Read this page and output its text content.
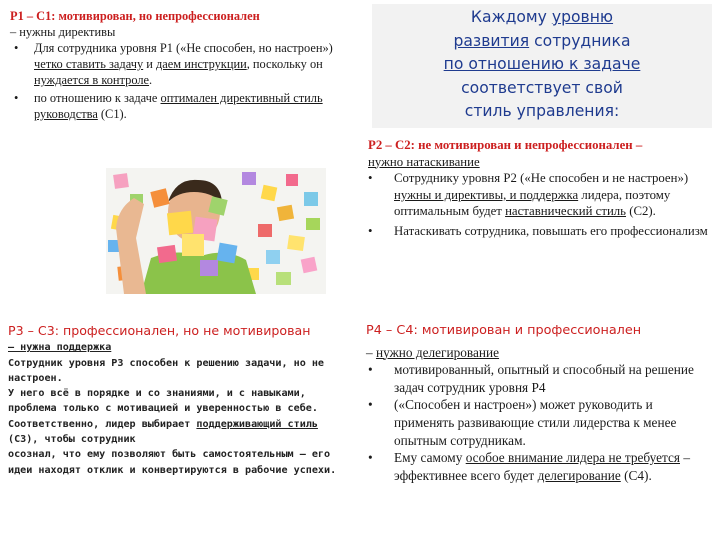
Р1 – С1: мотивирован, но непрофессионален
– нужны директивы
• Для сотрудника уровня Р1 («Не способен, но настроен») четко ставить задачу и даем инструкции, поскольку он нуждается в контроле.
• по отношению к задаче оптимален директивный стиль руководства (С1).
Каждому уровню
развития сотрудника
по отношению к задаче
соответствует свой
стиль управления:
Р2 – С2: не мотивирован и непрофессионален –
нужно натаскивание
• Сотруднику уровня Р2 («Не способен и не настроен») нужны и директивы, и поддержка лидера, поэтому оптимальным будет наставнический стиль (С2).
• Натаскивать сотрудника, повышать его профессионализм
Р3 – С3: профессионален, но не мотивирован
– нужна поддержка
Сотрудник уровня Р3 способен к решению задачи, но не настроен.
У него всё в порядке и со знаниями, и с навыками, проблема только с мотивацией и уверенностью в себе.
Соответственно, лидер выбирает поддерживающий стиль (С3), чтобы сотрудник
осознал, что ему позволяют быть самостоятельным – его идеи находят отклик и конвертируются в рабочие успехи.
Р4 – С4: мотивирован и профессионален
– нужно делегирование
• мотивированный, опытный и способный на решение задач сотрудник уровня Р4
• («Способен и настроен») может руководить и применять развивающие стили лидерства к менее опытным сотрудникам.
• Ему самому особое внимание лидера не требуется – эффективнее всего будет делегирование (С4).
